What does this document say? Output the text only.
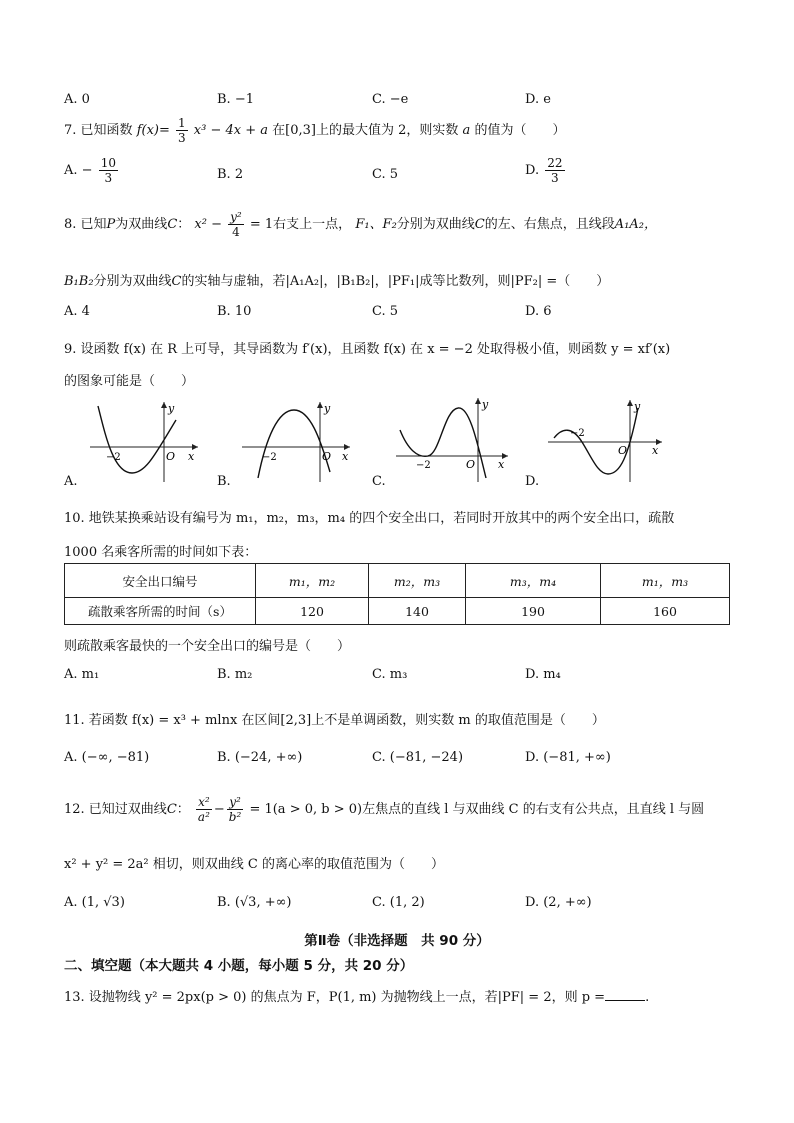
A. 0	B. −1	C. −e	D. e
7. 已知函数 $f(x)= \frac{1}{3} x^3 - 4x + a$ 在[0,3]上的最大值为 2，则实数 a 的值为（　　）
A. − $\frac{10}{3}$	B. 2	C. 5	D. $\frac{22}{3}$
8. 已知P为双曲线C： $x^2 - \frac{\text{y²}}{4} = 1$右支上一点， F₁、F₂分别为双曲线C的左、右焦点，且线段A₁A₂，
B₁B₂分别为双曲线C的实轴与虚轴，若|A₁A₂|，|B₁B₂|，|PF₁|成等比数列，则|PF₂| =（　　）
A. 4	B. 10	C. 5	D. 6
9. 设函数 f(x) 在 R 上可导，其导函数为 f′(x)，且函数 f(x) 在 x = −2 处取得极小值，则函数 y = xf′(x)
的图象可能是（　　）
A.
y
x
O
−2
B.
y
x
O
−2
C.
y
x
O
−2
D.
y
x
O
−2
10. 地铁某换乘站设有编号为 m₁，m₂，m₃，m₄ 的四个安全出口，若同时开放其中的两个安全出口，疏散
1000 名乘客所需的时间如下表：
安全出口编号	m₁，m₂	m₂，m₃	m₃，m₄	m₁，m₃
疏散乘客所需的时间（s）	120	140	190	160
则疏散乘客最快的一个安全出口的编号是（　　）
A. m₁	B. m₂	C. m₃	D. m₄
11. 若函数 f(x) = x³ + mlnx 在区间[2,3]上不是单调函数，则实数 m 的取值范围是（　　）
A. (−∞, −81)	B. (−24, +∞)	C. (−81, −24)	D. (−81, +∞)
12. 已知过双曲线C： $\frac{\text{x²}}{\text{a²}} - \frac{\text{y²}}{\text{b²}} = 1(a > 0$, b > 0)左焦点的直线 l 与双曲线 C 的右支有公共点，且直线 l 与圆
x² + y² = 2a² 相切，则双曲线 C 的离心率的取值范围为（　　）
A. (1, √3)	B. (√3, +∞)	C. (1, 2)	D. (2, +∞)
第Ⅱ卷（非选择题　共 90 分）
二、填空题（本大题共 4 小题，每小题 5 分，共 20 分）
13. 设抛物线 y² = 2px(p > 0) 的焦点为 F，P(1, m) 为抛物线上一点，若|PF| = 2，则 p =	.
